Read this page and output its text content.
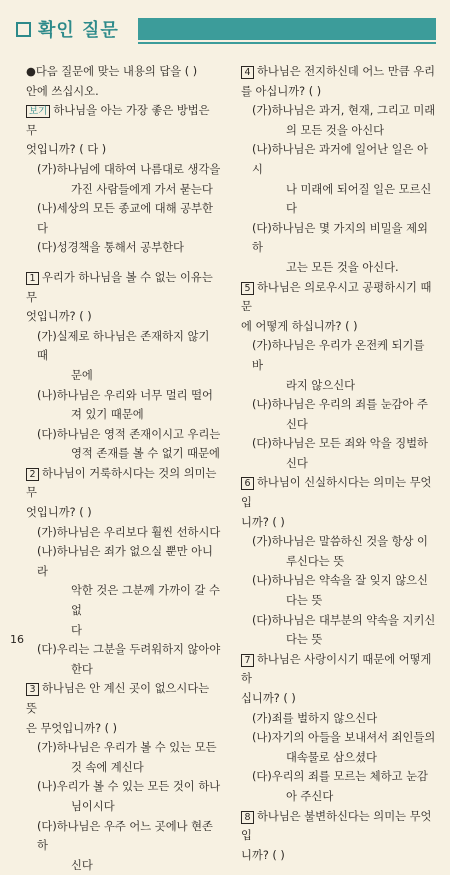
확인 질문

●다음 질문에 맞는 내용의 답을 ( )

안에 쓰십시오.

보기 하나님을 아는 가장 좋은 방법은 무

엇입니까? ( 다 )

(가)하나님에 대하여 나름대로 생각을
가진 사람들에게 가서 묻는다
(나)세상의 모든 종교에 대해 공부한다
(다)성경책을 통해서 공부한다

1 우리가 하나님을 볼 수 없는 이유는 무

엇입니까? ( )

(가)실제로 하나님은 존재하지 않기 때
문에
(나)하나님은 우리와 너무 멀리 떨어
져 있기 때문에
(다)하나님은 영적 존재이시고 우리는
영적 존재를 볼 수 없기 때문에

2 하나님이 거룩하시다는 것의 의미는 무

엇입니까? ( )

(가)하나님은 우리보다 훨씬 선하시다
(나)하나님은 죄가 없으실 뿐만 아니라
악한 것은 그분께 가까이 갈 수 없
다
(다)우리는 그분을 두려워하지 않아야
한다

3 하나님은 안 계신 곳이 없으시다는 뜻

은 무엇입니까? ( )

(가)하나님은 우리가 볼 수 있는 모든
것 속에 계신다
(나)우리가 볼 수 있는 모든 것이 하나
님이시다
(다)하나님은 우주 어느 곳에나 현존하
신다

4 하나님은 전지하신데 어느 만큼 우리

를 아십니까? ( )

(가)하나님은 과거, 현재, 그리고 미래
의 모든 것을 아신다
(나)하나님은 과거에 일어난 일은 아시
나 미래에 되어질 일은 모르신다
(다)하나님은 몇 가지의 비밀을 제외하
고는 모든 것을 아신다.

5 하나님은 의로우시고 공평하시기 때문

에 어떻게 하십니까? ( )

(가)하나님은 우리가 온전케 되기를 바
라지 않으신다
(나)하나님은 우리의 죄를 눈감아 주
신다
(다)하나님은 모든 죄와 악을 징벌하
신다

6 하나님이 신실하시다는 의미는 무엇입

니까? ( )

(가)하나님은 말씀하신 것을 항상 이
루신다는 뜻
(나)하나님은 약속을 잘 잊지 않으신
다는 뜻
(다)하나님은 대부분의 약속을 지키신
다는 뜻

7 하나님은 사랑이시기 때문에 어떻게 하

십니까? ( )

(가)죄를 벌하지 않으신다
(나)자기의 아들을 보내셔서 죄인들의
대속물로 삼으셨다
(다)우리의 죄를 모르는 체하고 눈감
아 주신다

8 하나님은 불변하신다는 의미는 무엇입

니까? ( )

16
